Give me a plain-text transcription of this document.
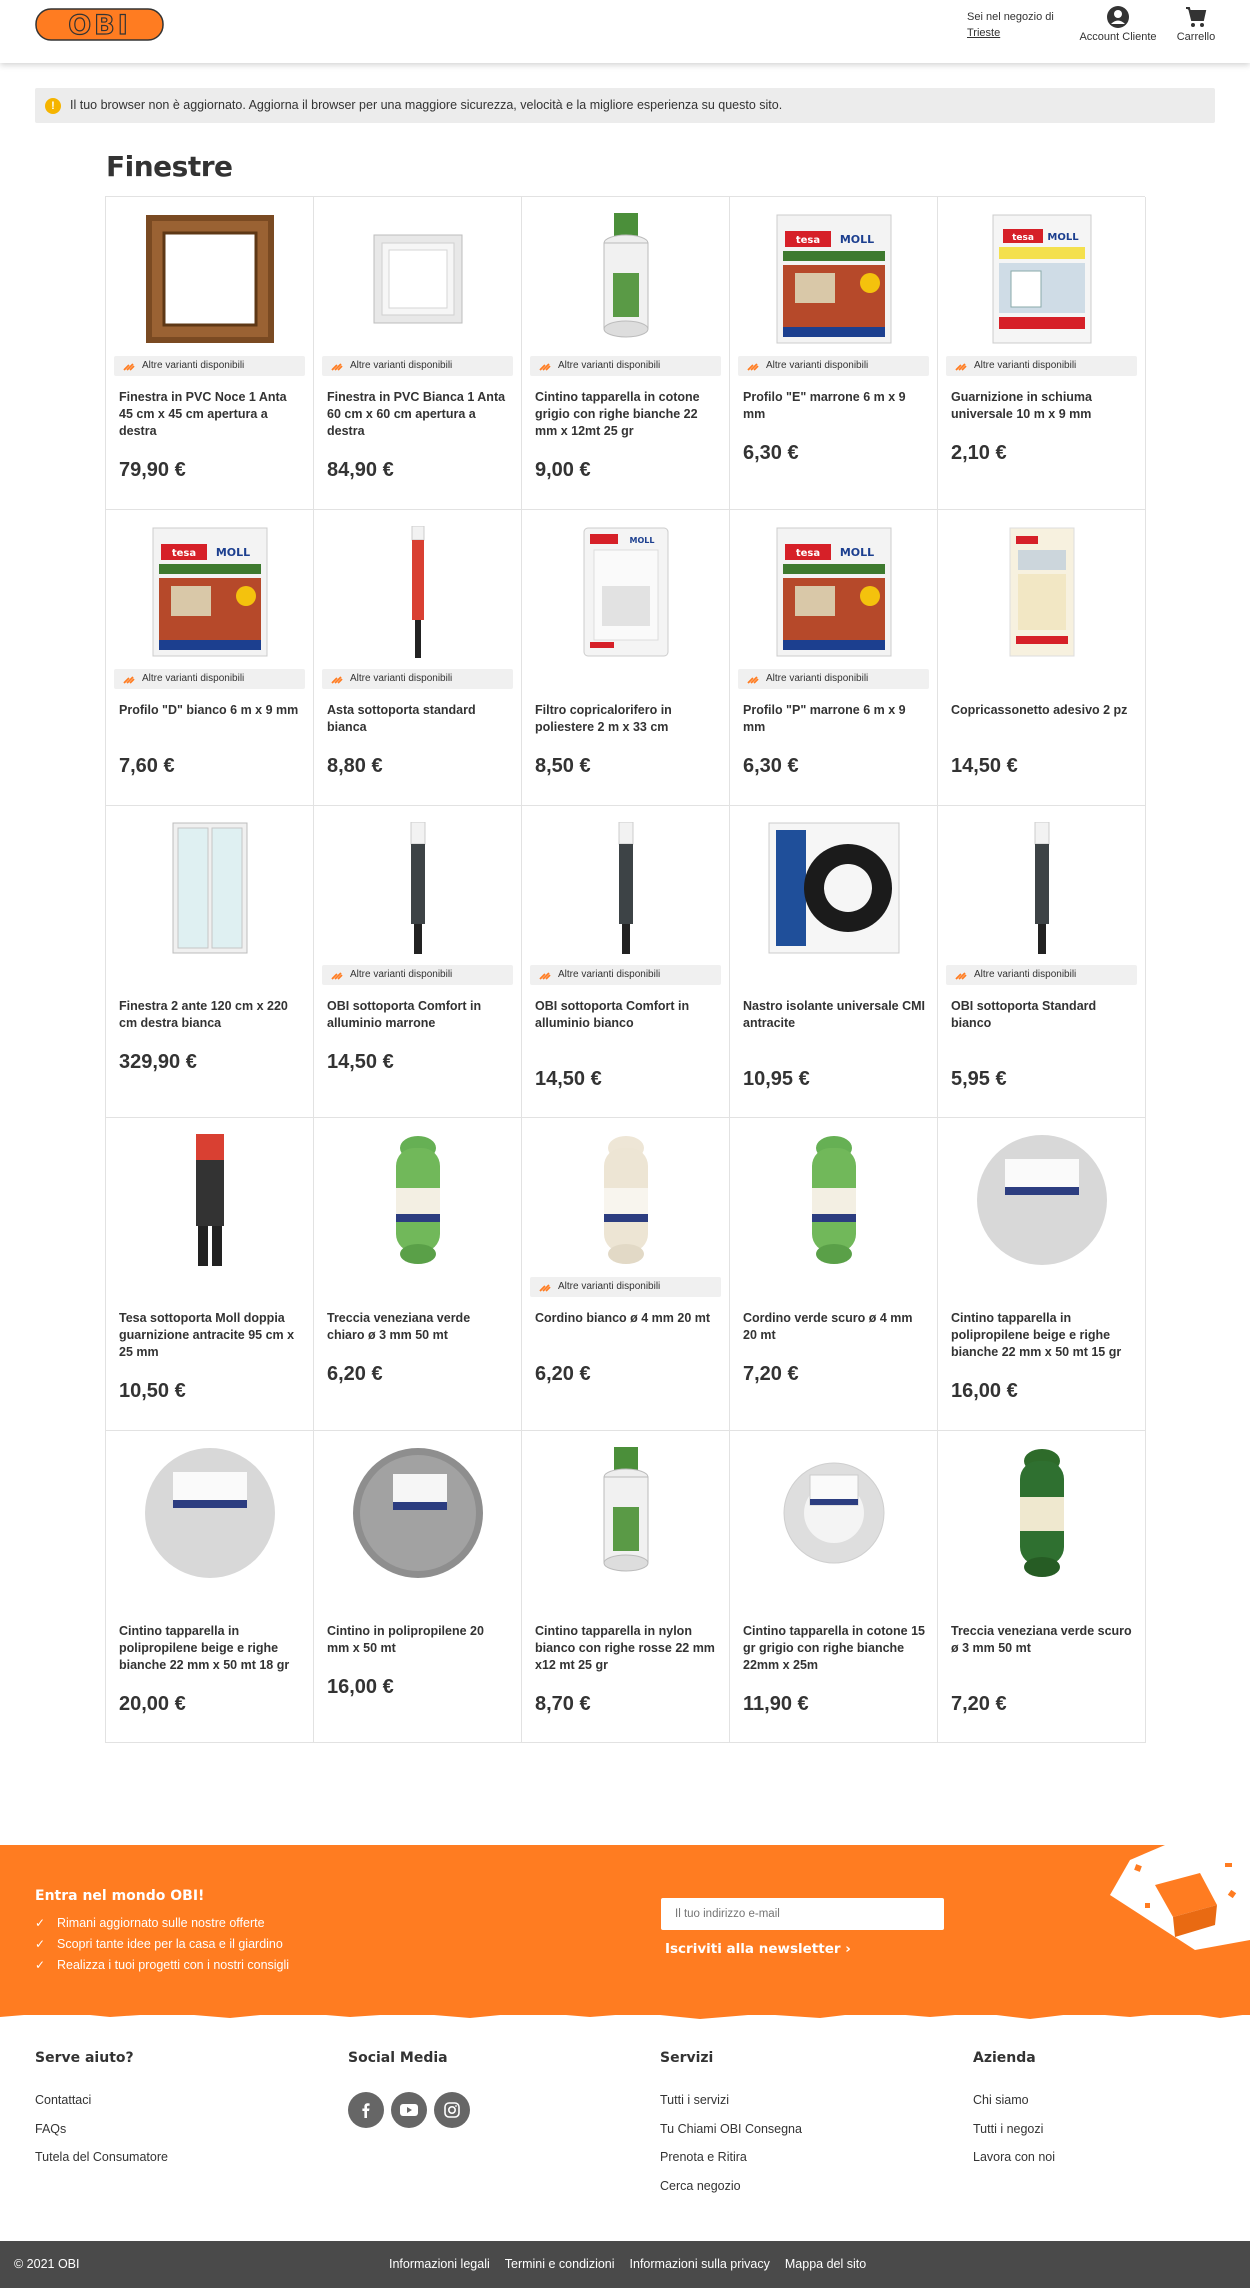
OBI	Sei nel negozio di
Trieste	Account Cliente	Carrello
!	Il tuo browser non è aggiornato. Aggiorna il browser per una maggiore sicurezza, velocità e la migliore esperienza su questo sito.
Finestre
Altre varianti disponibili
Finestra in PVC Noce 1 Anta 45 cm x 45 cm apertura a destra
79,90 €
Altre varianti disponibili
Finestra in PVC Bianca 1 Anta 60 cm x 60 cm apertura a destra
84,90 €
Altre varianti disponibili
Cintino tapparella in cotone grigio con righe bianche 22 mm x 12mt 25 gr
9,00 €
tesa MOLL
Altre varianti disponibili
Profilo "E" marrone 6 m x 9 mm
6,30 €
tesa MOLL
Altre varianti disponibili
Guarnizione in schiuma universale 10 m x 9 mm
2,10 €
tesa MOLL
Altre varianti disponibili
Profilo "D" bianco 6 m x 9 mm
7,60 €
Altre varianti disponibili
Asta sottoporta standard bianca
8,80 €
MOLL
Filtro copricalorifero in poliestere 2 m x 33 cm
8,50 €
tesa MOLL
Altre varianti disponibili
Profilo "P" marrone 6 m x 9 mm
6,30 €
Copricassonetto adesivo 2 pz
14,50 €
Finestra 2 ante 120 cm x 220 cm destra bianca
329,90 €
Altre varianti disponibili
OBI sottoporta Comfort in alluminio marrone
14,50 €
Altre varianti disponibili
OBI sottoporta Comfort in alluminio bianco
14,50 €
Nastro isolante universale CMI antracite
10,95 €
Altre varianti disponibili
OBI sottoporta Standard bianco
5,95 €
Tesa sottoporta Moll doppia guarnizione antracite 95 cm x 25 mm
10,50 €
Treccia veneziana verde chiaro ø 3 mm 50 mt
6,20 €
Altre varianti disponibili
Cordino bianco ø 4 mm 20 mt
6,20 €
Cordino verde scuro ø 4 mm 20 mt
7,20 €
Cintino tapparella in polipropilene beige e righe bianche 22 mm x 50 mt 15 gr
16,00 €
Cintino tapparella in polipropilene beige e righe bianche 22 mm x 50 mt 18 gr
20,00 €
Cintino in polipropilene 20 mm x 50 mt
16,00 €
Cintino tapparella in nylon bianco con righe rosse 22 mm x12 mt 25 gr
8,70 €
Cintino tapparella in cotone 15 gr grigio con righe bianche 22mm x 25m
11,90 €
Treccia veneziana verde scuro ø 3 mm 50 mt
7,20 €
Entra nel mondo OBI!
✓ Rimani aggiornato sulle nostre offerte
✓ Scopri tante idee per la casa e il giardino
✓ Realizza i tuoi progetti con i nostri consigli
Il tuo indirizzo e-mail
Iscriviti alla newsletter ›
Serve aiuto?
Contattaci
FAQs
Tutela del Consumatore
Social Media	Servizi
Tutti i servizi
Tu Chiami OBI Consegna
Prenota e Ritira
Cerca negozio
Azienda
Chi siamo
Tutti i negozi
Lavora con noi
© 2021 OBI	Informazioni legali Termini e condizioni Informazioni sulla privacy Mappa del sito
